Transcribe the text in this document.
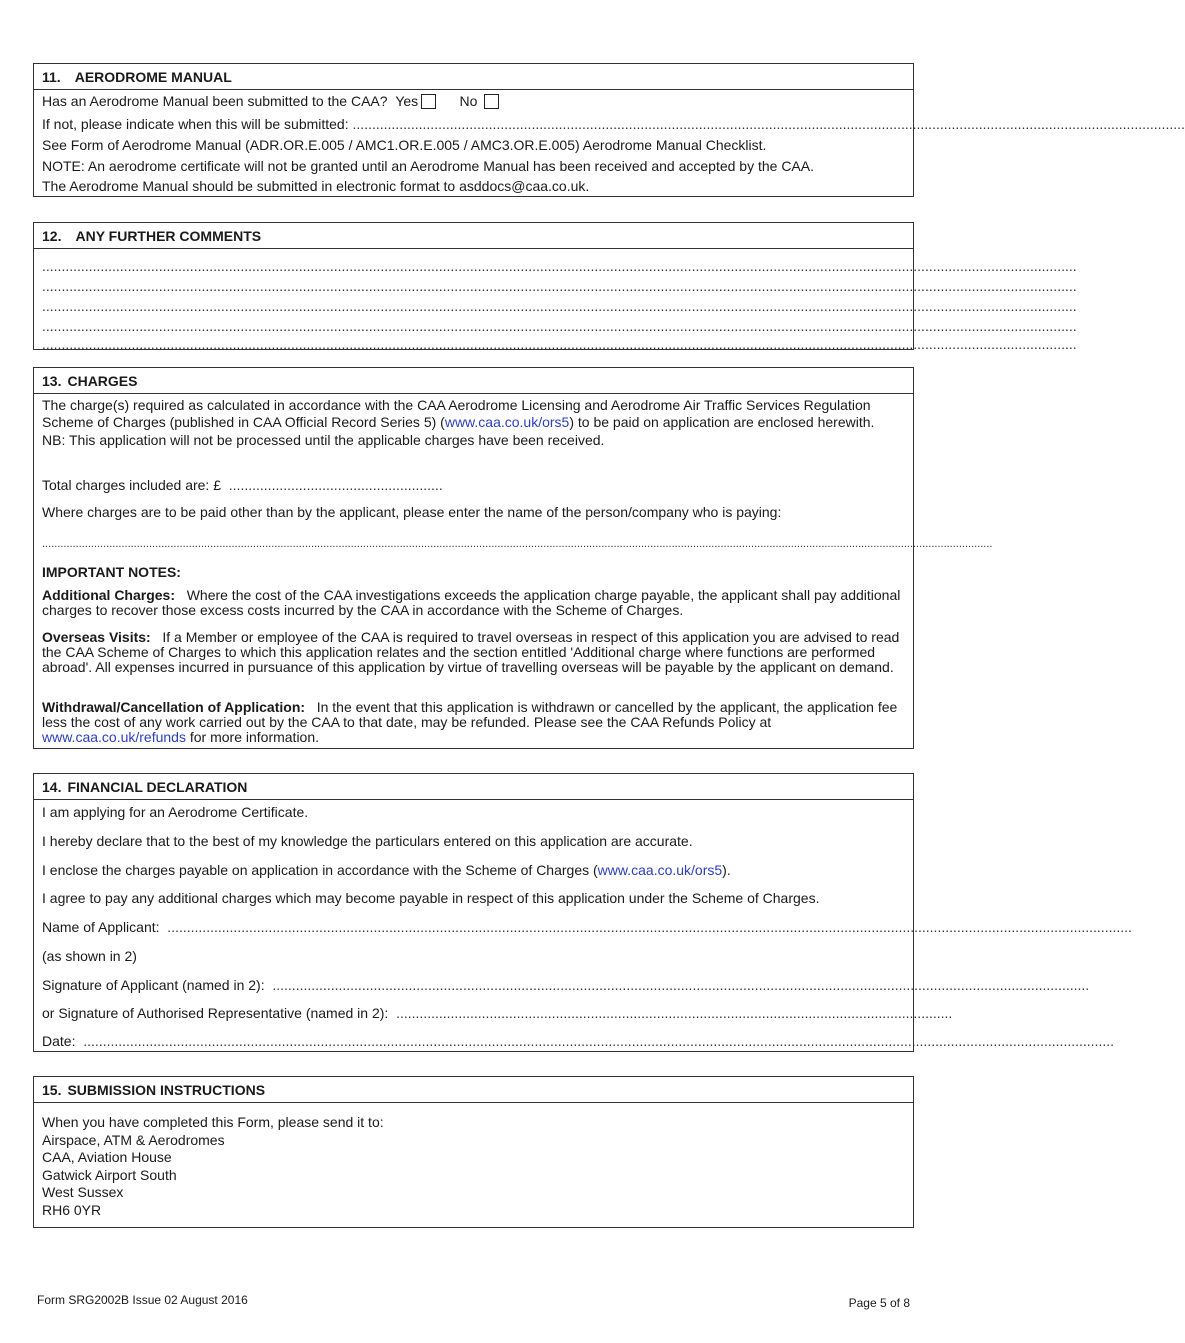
11. AERODROME MANUAL
Has an Aerodrome Manual been submitted to the CAA? Yes	No
If not, please indicate when this will be submitted: ......................................................................................................................................................................................................................
See Form of Aerodrome Manual (ADR.OR.E.005 / AMC1.OR.E.005 / AMC3.OR.E.005) Aerodrome Manual Checklist.
NOTE: An aerodrome certificate will not be granted until an Aerodrome Manual has been received and accepted by the CAA.
The Aerodrome Manual should be submitted in electronic format to asddocs@caa.co.uk.
12. ANY FURTHER COMMENTS
..........................................................................................................................................................................................................................................................................
..........................................................................................................................................................................................................................................................................
..........................................................................................................................................................................................................................................................................
..........................................................................................................................................................................................................................................................................
..........................................................................................................................................................................................................................................................................
13. CHARGES
The charge(s) required as calculated in accordance with the CAA Aerodrome Licensing and Aerodrome Air Traffic Services Regulation Scheme of Charges (published in CAA Official Record Series 5) (www.caa.co.uk/ors5) to be paid on application are enclosed herewith.
NB: This application will not be processed until the applicable charges have been received.
Total charges included are: £ .......................................................
Where charges are to be paid other than by the applicant, please enter the name of the person/company who is paying:
.......................................................................................................................................................................................................................................................................................................................
IMPORTANT NOTES:
Additional Charges: Where the cost of the CAA investigations exceeds the application charge payable, the applicant shall pay additional charges to recover those excess costs incurred by the CAA in accordance with the Scheme of Charges.
Overseas Visits: If a Member or employee of the CAA is required to travel overseas in respect of this application you are advised to read the CAA Scheme of Charges to which this application relates and the section entitled 'Additional charge where functions are performed abroad'. All expenses incurred in pursuance of this application by virtue of travelling overseas will be payable by the applicant on demand.
Withdrawal/Cancellation of Application: In the event that this application is withdrawn or cancelled by the applicant, the application fee less the cost of any work carried out by the CAA to that date, may be refunded. Please see the CAA Refunds Policy at www.caa.co.uk/refunds for more information.
14. FINANCIAL DECLARATION
I am applying for an Aerodrome Certificate.
I hereby declare that to the best of my knowledge the particulars entered on this application are accurate.
I enclose the charges payable on application in accordance with the Scheme of Charges (www.caa.co.uk/ors5).
I agree to pay any additional charges which may become payable in respect of this application under the Scheme of Charges.
Name of Applicant: ........................................................................................................................................................................................................................................................
(as shown in 2)
Signature of Applicant (named in 2): ..................................................................................................................................................................................................................
or Signature of Authorised Representative (named in 2): ...............................................................................................................................................
Date: .........................................................................................................................................................................................................................................................................
15. SUBMISSION INSTRUCTIONS
When you have completed this Form, please send it to:
Airspace, ATM & Aerodromes
CAA, Aviation House
Gatwick Airport South
West Sussex
RH6 0YR
Form SRG2002B Issue 02 August 2016	Page 5 of 8
